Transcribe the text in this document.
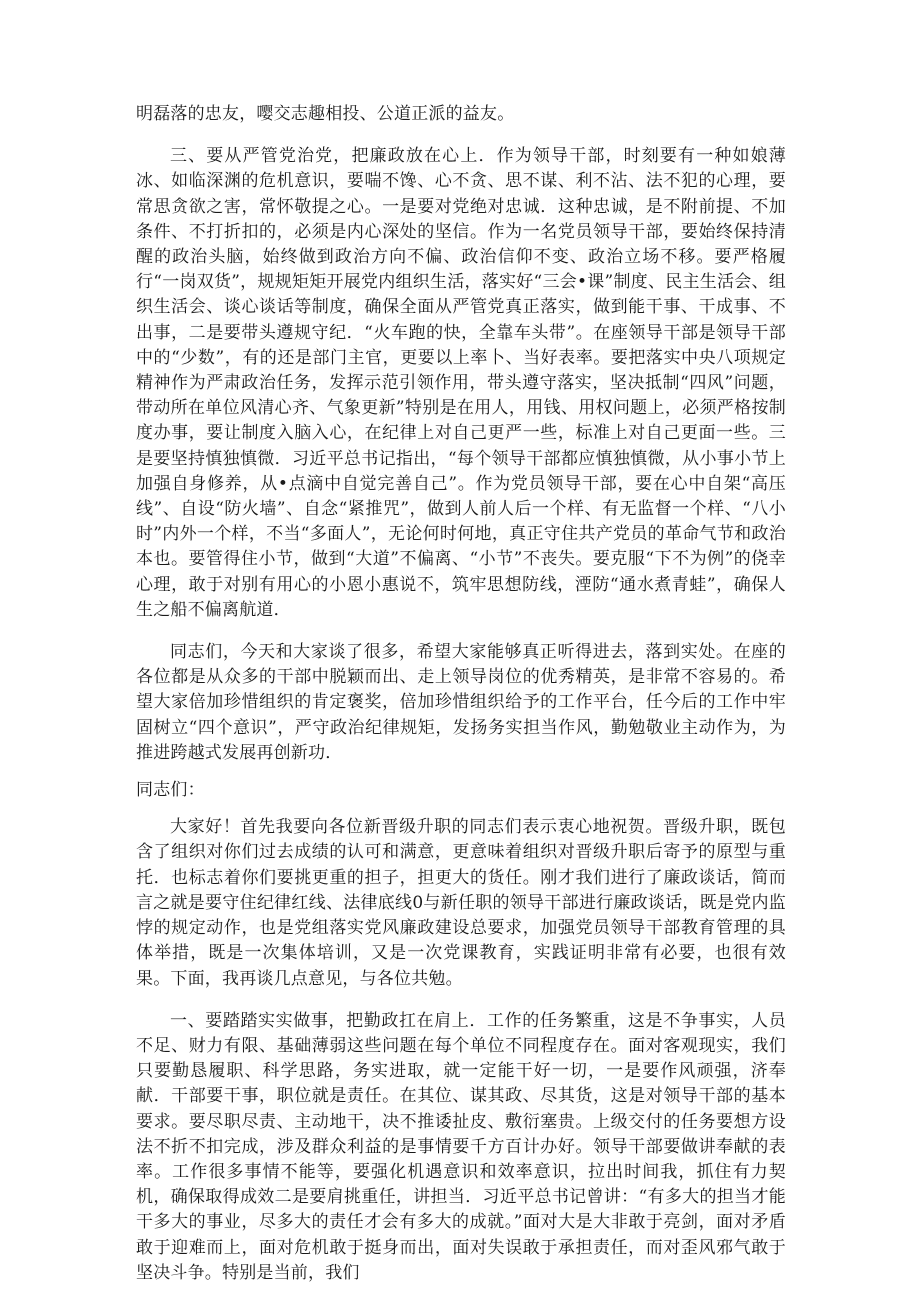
明磊落的忠友，嘤交志趣相投、公道正派的益友。

三、要从严管党治党，把廉政放在心上．作为领导干部，时刻要有一种如娘薄冰、如临深渊的危机意识，要喘不馋、心不贪、思不谋、利不沾、法不犯的心理，要常思贪欲之害，常怀敬提之心。一是要对党绝对忠诚．这种忠诚，是不附前提、不加条件、不打折扣的，必须是内心深处的坚信。作为一名党员领导干部，要始终保持清醒的政治头脑，始终做到政治方向不偏、政治信仰不变、政治立场不移。要严格履行“一岗双货”，规规矩矩开展党内组织生活，落实好“三会•课”制度、民主生活会、组织生活会、谈心谈话等制度，确保全面从严管党真正落实，做到能干事、干成事、不出事，二是要带头遵规守纪．“火车跑的快，全靠车头带”。在座领导干部是领导干部中的“少数”，有的还是部门主官，更要以上率卜、当好表率。要把落实中央八项规定精神作为严肃政治任务，发挥示范引领作用，带头遵守落实，坚决抵制“四风”问题，带动所在单位风清心齐、气象更新”特别是在用人，用钱、用权问题上，必须严格按制度办事，要让制度入脑入心，在纪律上对自己更严一些，标准上对自己更面一些。三是要坚持慎独慎微．习近平总书记指出，“每个领导干部都应慎独慎微，从小事小节上加强自身修养，从•点滴中自觉完善自己”。作为党员领导干部，要在心中自架“高压线”、自设“防火墙”、自念“紧推咒”，做到人前人后一个样、有无监督一个样、“八小时”内外一个样，不当“多面人”，无论何时何地，真正守住共产党员的革命气节和政治本也。要管得住小节，做到“大道”不偏离、“小节”不丧失。要克服“下不为例”的侥幸心理，敢于对别有用心的小恩小惠说不，筑牢思想防线，湮防“通水煮青蛙”，确保人生之船不偏离航道．

同志们，今天和大家谈了很多，希望大家能够真正听得进去，落到实处。在座的各位都是从众多的干部中脱颖而出、走上领导岗位的优秀精英，是非常不容易的。希望大家倍加珍惜组织的肯定褒奖，倍加珍惜组织给予的工作平台，任今后的工作中牢固树立“四个意识”，严守政治纪律规矩，发扬务实担当作风，勤勉敬业主动作为，为推进跨越式发展再创新功．

同志们：

大家好！首先我要向各位新晋级升职的同志们表示衷心地祝贺。晋级升职，既包含了组织对你们过去成绩的认可和满意，更意味着组织对晋级升职后寄予的原型与重托．也标志着你们要挑更重的担子，担更大的货任。刚才我们进行了廉政谈话，简而言之就是要守住纪律红线、法律底线0与新任职的领导干部进行廉政谈话，既是党内监悖的规定动作，也是党组落实党风廉政建设总要求，加强党员领导干部教育管理的具体举措，既是一次集体培训，又是一次党课教育，实践证明非常有必要，也很有效果。下面，我再谈几点意见，与各位共勉。

一、要踏踏实实做事，把勤政扛在肩上．工作的任务繁重，这是不争事实，人员不足、财力有限、基础薄弱这些问题在每个单位不同程度存在。面对客观现实，我们只要勤恳履职、科学思路，务实进取，就一定能干好一切，一是要作风顽强，济奉献．干部要干事，职位就是责任。在其位、谋其政、尽其货，这是对领导干部的基本要求。要尽职尽责、主动地干，决不推诿扯皮、敷衍塞贵。上级交付的任务要想方设法不折不扣完成，涉及群众利益的是事情要千方百计办好。领导干部要做讲奉献的表率。工作很多事情不能等，要强化机遇意识和效率意识，拉出时间我，抓住有力契机，确保取得成效二是要肩挑重任，讲担当．习近平总书记曾讲：“有多大的担当才能干多大的事业，尽多大的责任才会有多大的成就。”面对大是大非敢于亮剑，面对矛盾敢于迎难而上，面对危机敢于挺身而出，面对失误敢于承担责任，而对歪风邪气敢于坚决斗争。特别是当前，我们
